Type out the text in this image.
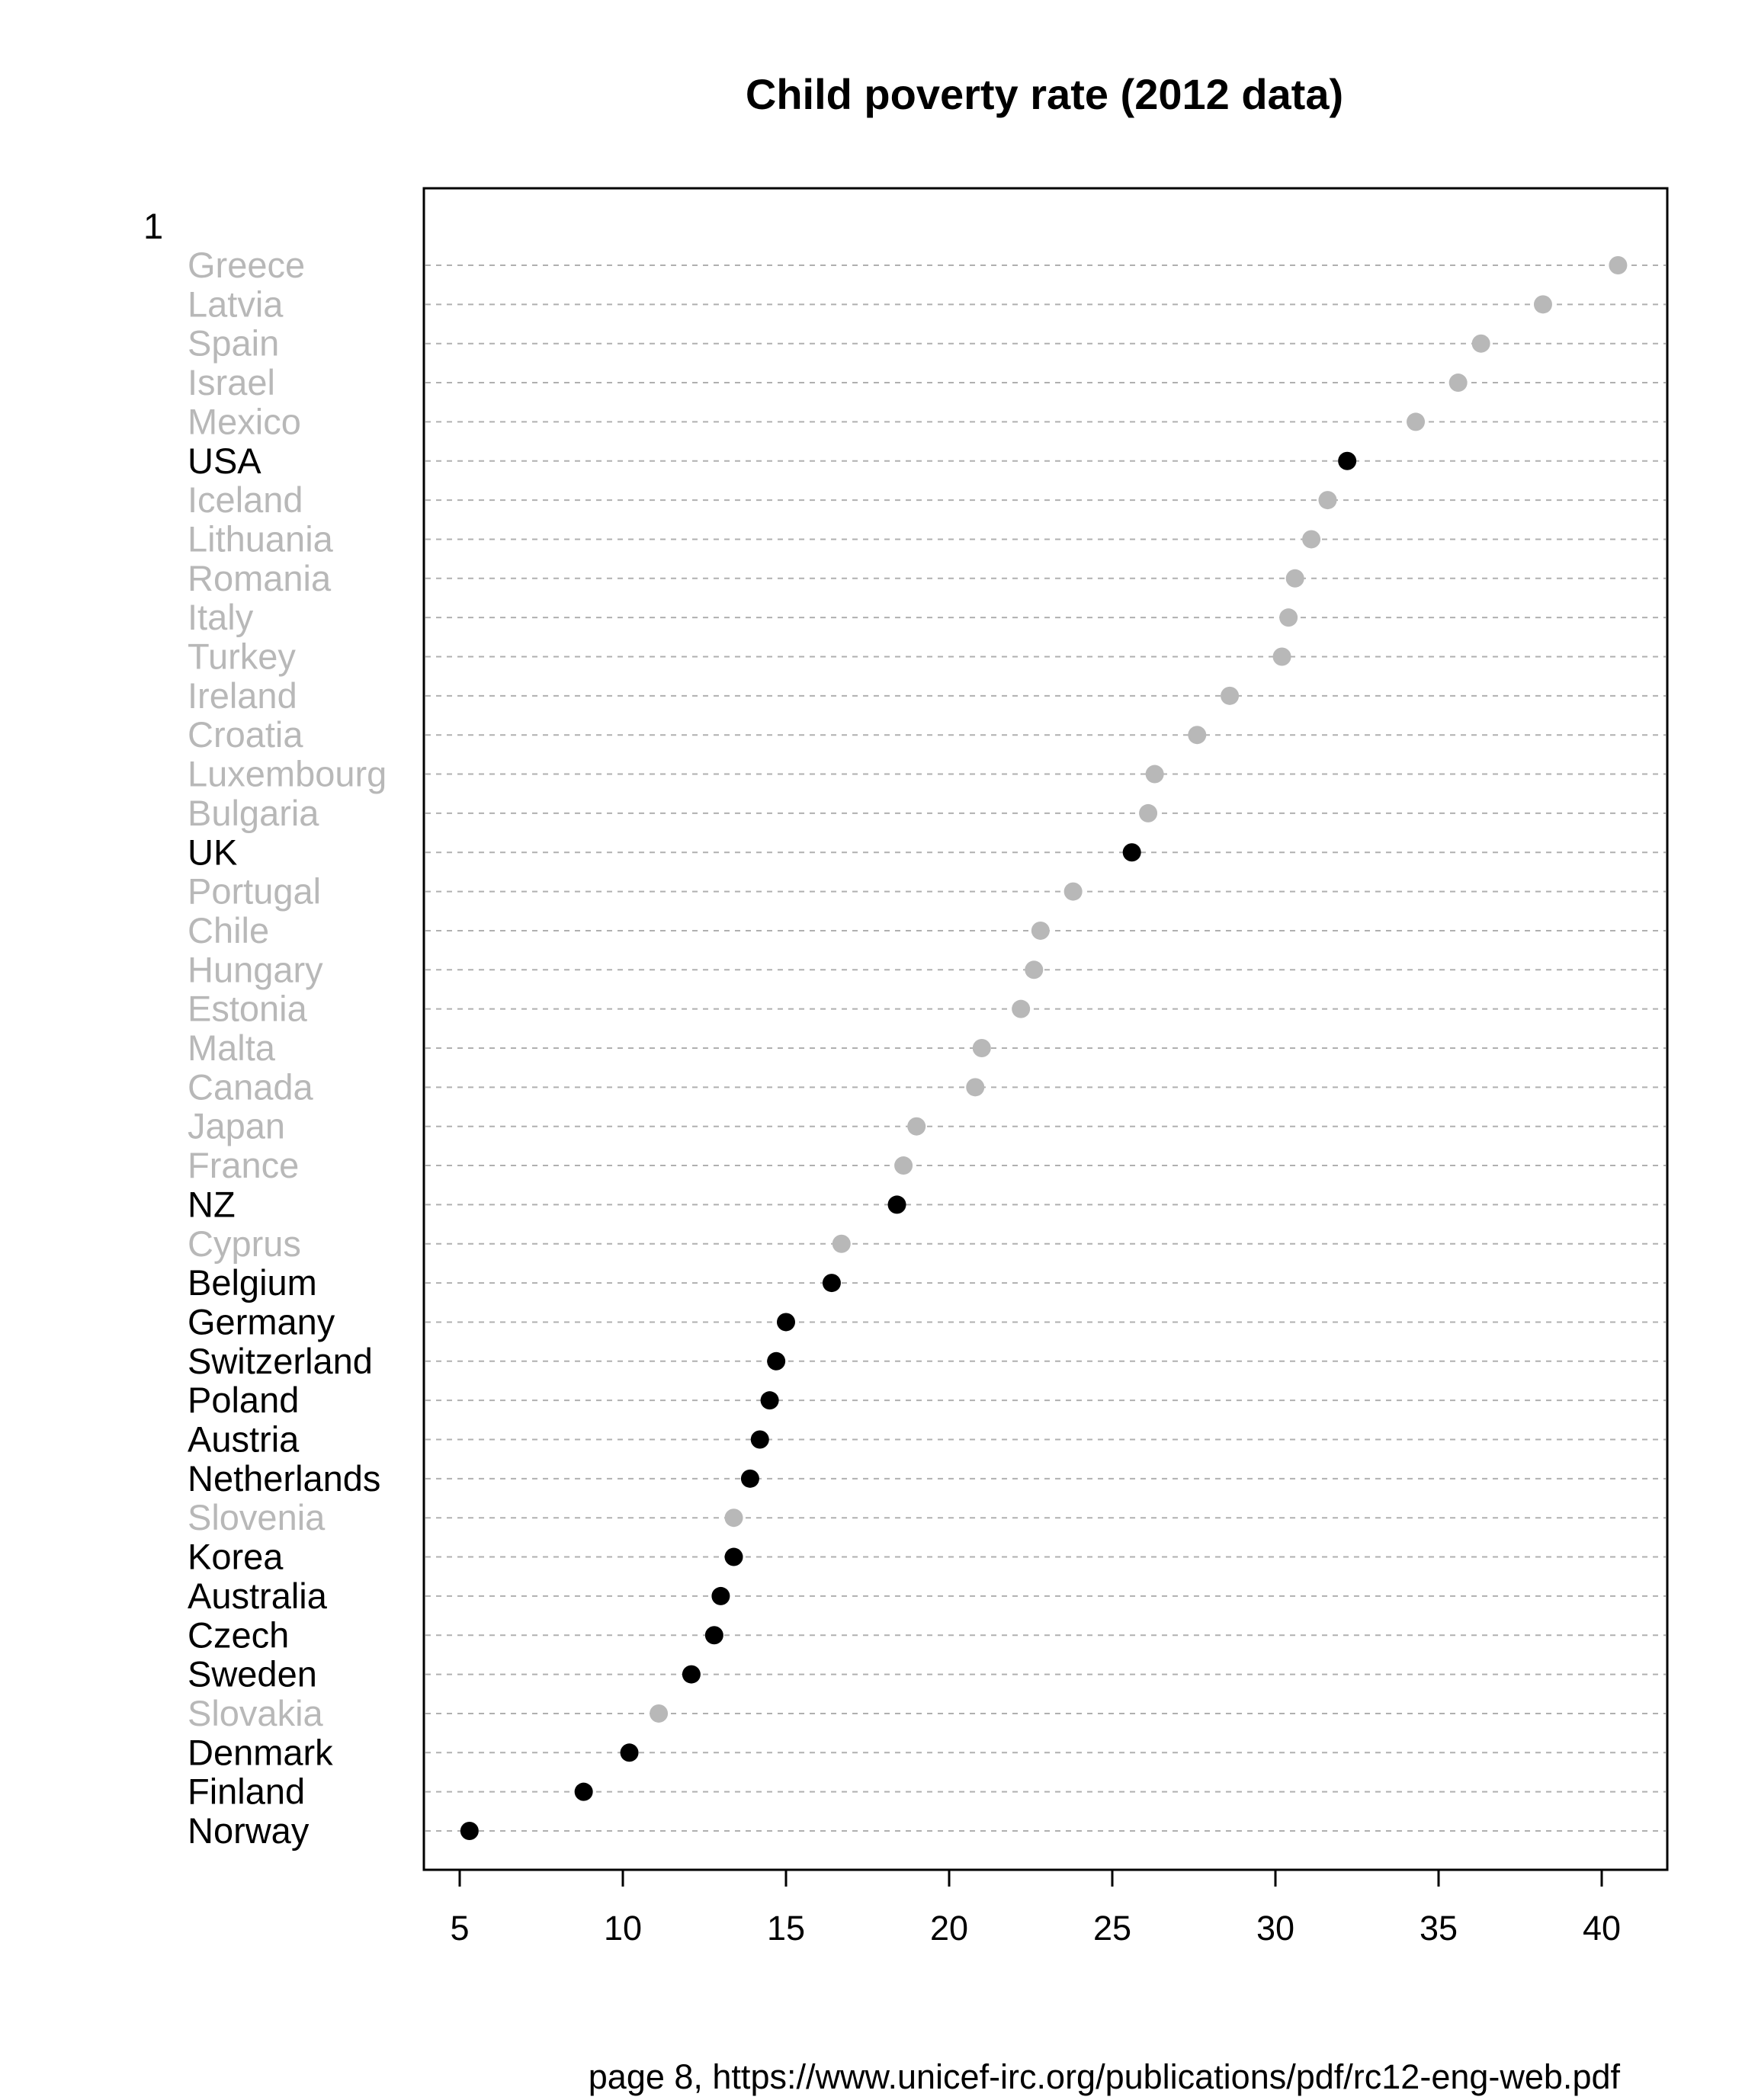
Child poverty rate (2012 data)
1
Greece
Latvia
Spain
Israel
Mexico
USA
Iceland
Lithuania
Romania
Italy
Turkey
Ireland
Croatia
Luxembourg
Bulgaria
UK
Portugal
Chile
Hungary
Estonia
Malta
Canada
Japan
France
NZ
Cyprus
Belgium
Germany
Switzerland
Poland
Austria
Netherlands
Slovenia
Korea
Australia
Czech
Sweden
Slovakia
Denmark
Finland
Norway
5	10	15	20	25	30	35	40
page 8, https://www.unicef-irc.org/publications/pdf/rc12-eng-web.pdf
